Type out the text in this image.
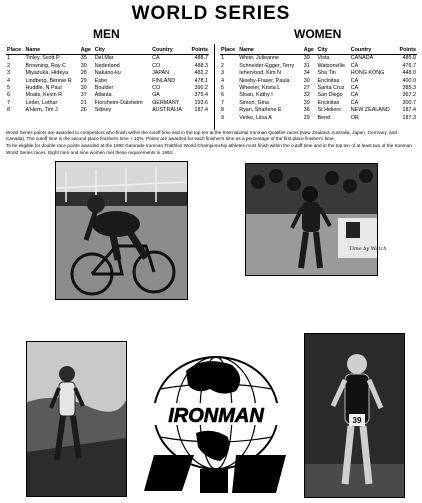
WORLD SERIES
MEN	WOMEN
Place	Name	Age	City	Country	Points
1	Tinley, Scott P	35	Del Mar	CA	488.7
2	Browning, Ray C	30	Nederland	CO	488.3
3	Miyazuka, Hideya	28	Nakano-ku	JAPAN	482.2
4	Lindberg, Bennie R	29	Esbo	FINLAND	478.1
5	Huddle, N Paul	30	Boulder	CO	390.2
6	Moats, Kevin R	37	Atlanta	GA	375.4
7	Leder, Lothar	21	Florsheim-Dalsheim	GERMANY	193.6
8	A'Hern, Tim J	26	Sidney	AUSTRALIA	187.4
Place	Name	Age	City	Country	Points
1	White, Julieanne	30	Vista	CANADA	485.0
2	Schneider-Egger, Terry	31	Watsonville	CA	476.7
3	Iehervood, Kim N	34	Sha Tin	HONG KONG	448.0
4	Newby-Fraser, Paula	30	Encinitas	CA	400.0
5	Wheeler, Krista L	27	Santa Cruz	CA	385.3
6	Sloan, Kathy I	32	San Diego	CA	367.2
7	Simon, Gina	39	Encinitas	CA	300.7
8	Ryan, Sharlene E	36	St Heliers	NEW ZEALAND	187.4
9	Verke, Liisa A	29	Bend	OR	187.3

World Series points are awarded to competitors who finish within the cutoff time and in the top ten at the International Ironman Qualifier races (New Zealand, Australia, Japan, Germany, and Canada). The cutoff time is the second place finisher's time + 10%. Points are awarded for each finisher's time as a percentage of the first place finisher's time.

To be eligible for double race points awarded at the 1992 Gatorade Ironman Triathlon World Championship athletes must finish within the cutoff time and in the top ten of at least two of the Ironman World Series races. Eight men and nine women met these requirements in 1992.

Time by Watch
IRONMAN	39
